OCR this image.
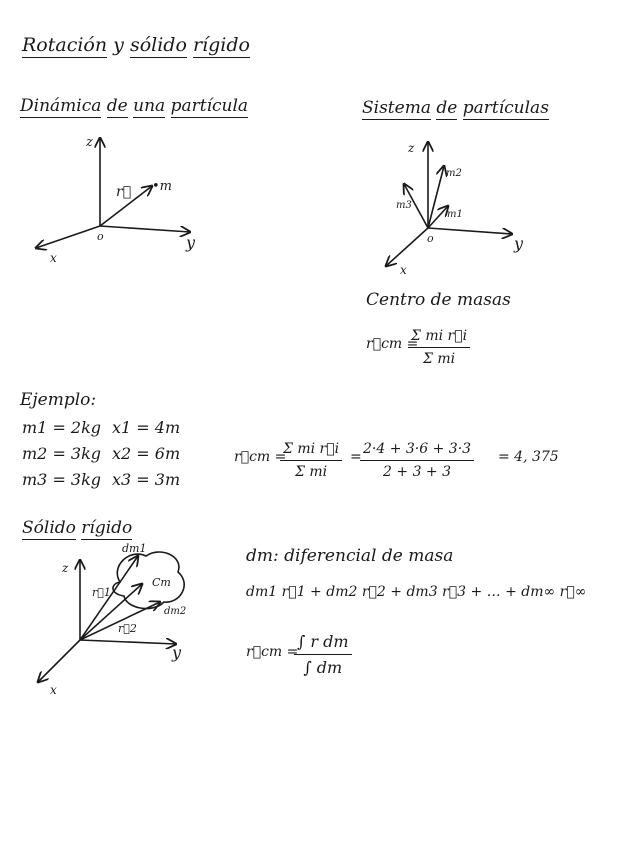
Rotación y sólido rígido
Dinámica de una partícula	Sistema de partículas
z
y
x
o
r⃗ •m
z
y
x
o
m2
m3
m1
z
y
x
dm1
Cm
dm2
r⃗1
r⃗2
Centro de masas
r⃗cm =
Σ mi r⃗i
Σ mi
Ejemplo:
m1 = 2kg
m2 = 3kg
m3 = 3kg
x1 = 4m
x2 = 6m
x3 = 3m
r⃗cm =
Σ mi r⃗i
Σ mi
= 2·4 + 3·6 + 3·3
2 + 3 + 3
= 4, 375
Sólido rígido
dm: diferencial de masa
dm1 r⃗1 + dm2 r⃗2 + dm3 r⃗3 + … + dm∞ r⃗∞
r⃗cm =
∫ r dm
∫ dm
